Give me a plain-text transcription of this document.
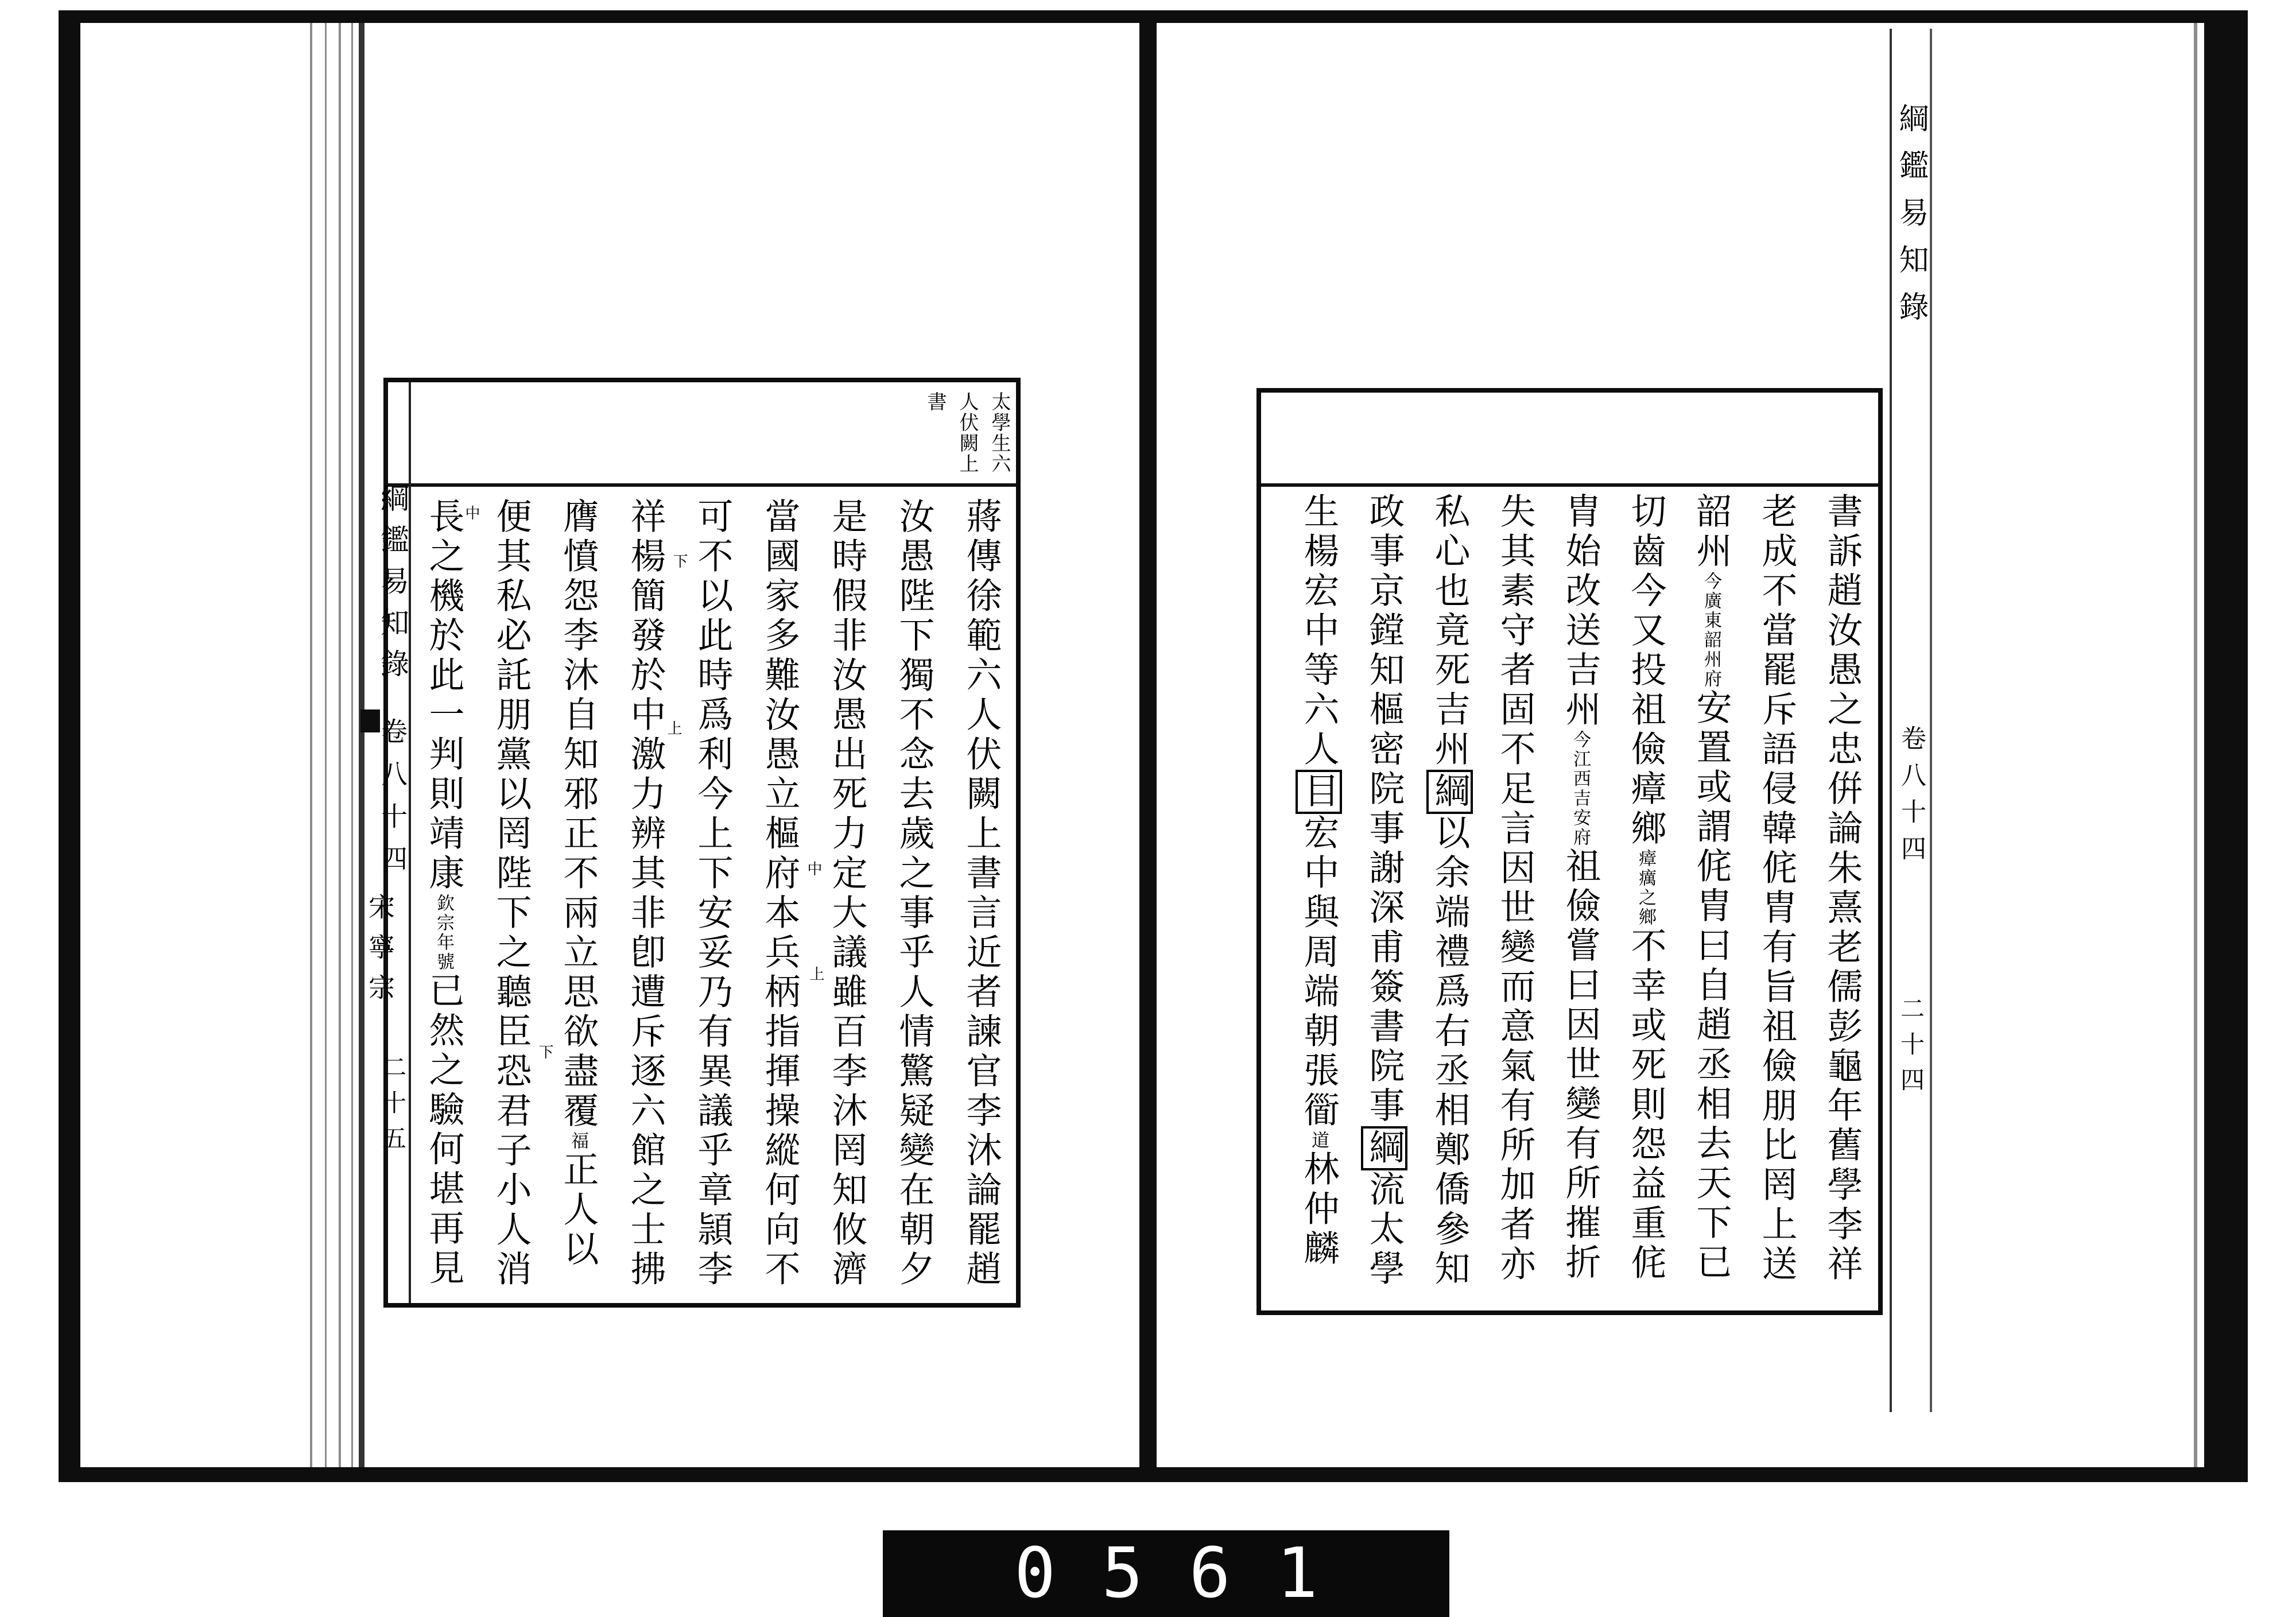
太學生六
人伏闕上
書
綱鑑易知錄
卷八十四
宋寧宗
二十五	蔣傳徐範六人伏闕上書言近者諫官李沐論罷趙
汝愚陛下獨不念去歲之事乎人情驚疑變在朝夕
是時假非汝愚出死力定大議雖百李沐罔知攸濟
當國家多難汝愚立樞府本兵柄指揮操縱何向不
可不以此時爲利今上下安妥乃有異議乎章頴李
祥楊簡發於中激力辨其非卽遭斥逐六館之士拂
膺憤怨李沐自知邪正不兩立思欲盡覆福正人以
便其私必託朋黨以罔陛下之聽臣恐君子小人消
長之機於此一判則靖康欽宗年號已然之驗何堪再見
下
上
中
上
中
下
綱鑑易知錄
卷八十四
二十四
書訴趙汝愚之忠倂論朱熹老儒彭龜年舊學李祥
老成不當罷斥語侵韓侂胄有旨祖儉朋比罔上送
韶州今廣東韶州府安置或謂侂胄曰自趙丞相去天下已
切齒今又投祖儉瘴鄉瘴癘之鄉不幸或死則怨益重侂
胄始改送吉州今江西吉安府祖儉嘗曰因世變有所摧折
失其素守者固不足言因世變而意氣有所加者亦
私心也竟死吉州綱以余端禮爲右丞相鄭僑參知
政事京鏜知樞密院事謝深甫簽書院事綱流太學
生楊宏中等六人目宏中與周端朝張衟道林仲麟
0561
